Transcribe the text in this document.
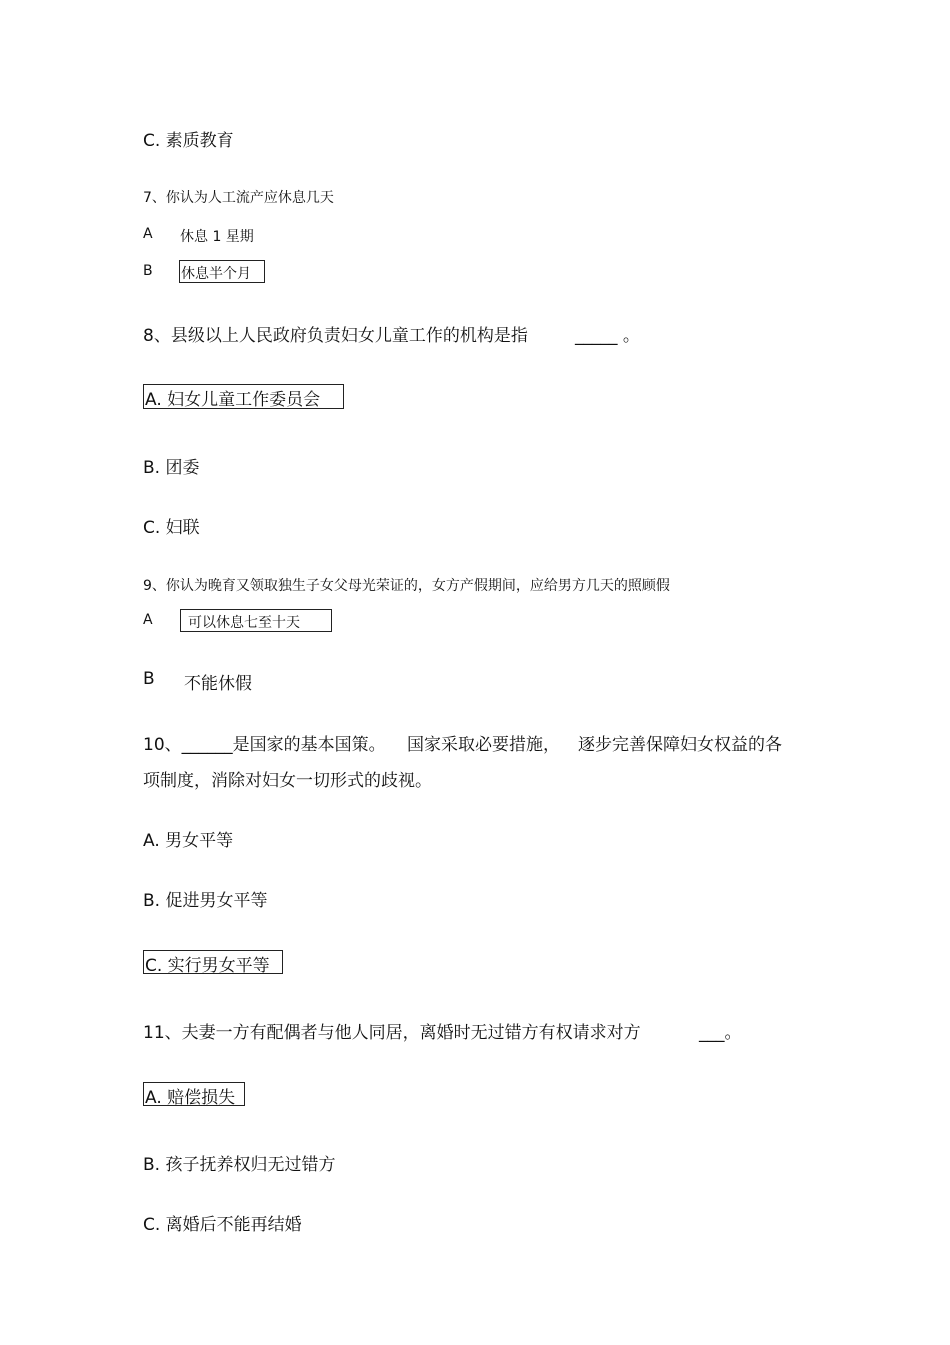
C. 素质教育
7、你认为人工流产应休息几天
A 休息 1 星期
B 休息半个月
8、县级以上人民政府负责妇女儿童工作的机构是指	_____ 。
A. 妇女儿童工作委员会
B. 团委
C. 妇联
9、你认为晚育又领取独生子女父母光荣证的，女方产假期间，应给男方几天的照顾假
A	可以休息七至十天
B 不能休假
10、______是国家的基本国策。 国家采取必要措施， 逐步完善保障妇女权益的各
项制度，消除对妇女一切形式的歧视。
A. 男女平等
B. 促进男女平等
C. 实行男女平等
11、夫妻一方有配偶者与他人同居，离婚时无过错方有权请求对方	___。
A. 赔偿损失
B. 孩子抚养权归无过错方
C. 离婚后不能再结婚
